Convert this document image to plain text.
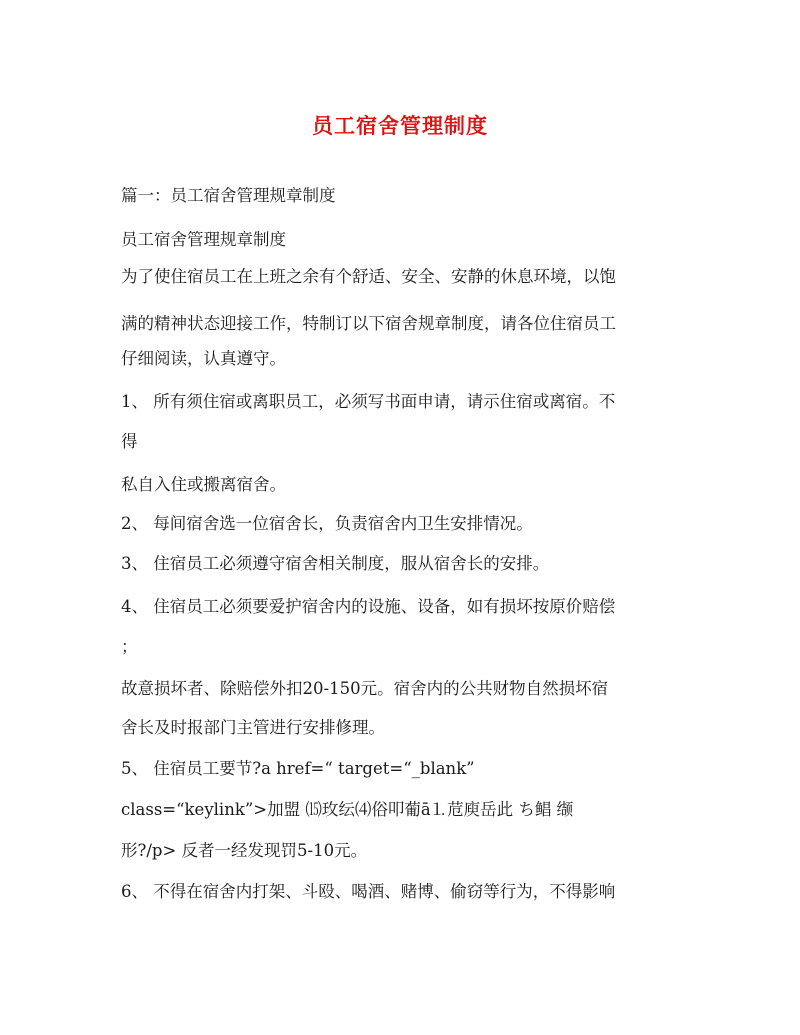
员工宿舍管理制度
篇一：员工宿舍管理规章制度
员工宿舍管理规章制度
为了使住宿员工在上班之余有个舒适、安全、安静的休息环境，以饱
满的精神状态迎接工作，特制订以下宿舍规章制度，请各位住宿员工
仔细阅读，认真遵守。
1、 所有须住宿或离职员工，必须写书面申请，请示住宿或离宿。不
得
私自入住或搬离宿舍。
2、 每间宿舍选一位宿舍长，负责宿舍内卫生安排情况。
3、 住宿员工必须遵守宿舍相关制度，服从宿舍长的安排。
4、 住宿员工必须要爱护宿舍内的设施、设备，如有损坏按原价赔偿
；
故意损坏者、除赔偿外扣20-150元。宿舍内的公共财物自然损坏宿
舍长及时报部门主管进行安排修理。
5、 住宿员工要节?a href=“ target=“_blank”
class=“keylink”>加盟 ⒂玫纭⑷俗叩葡ā⒈苊庾岳此 ち鲳 缬
形?/p> 反者一经发现罚5-10元。
6、 不得在宿舍内打架、斗殴、喝酒、赌博、偷窃等行为，不得影响
